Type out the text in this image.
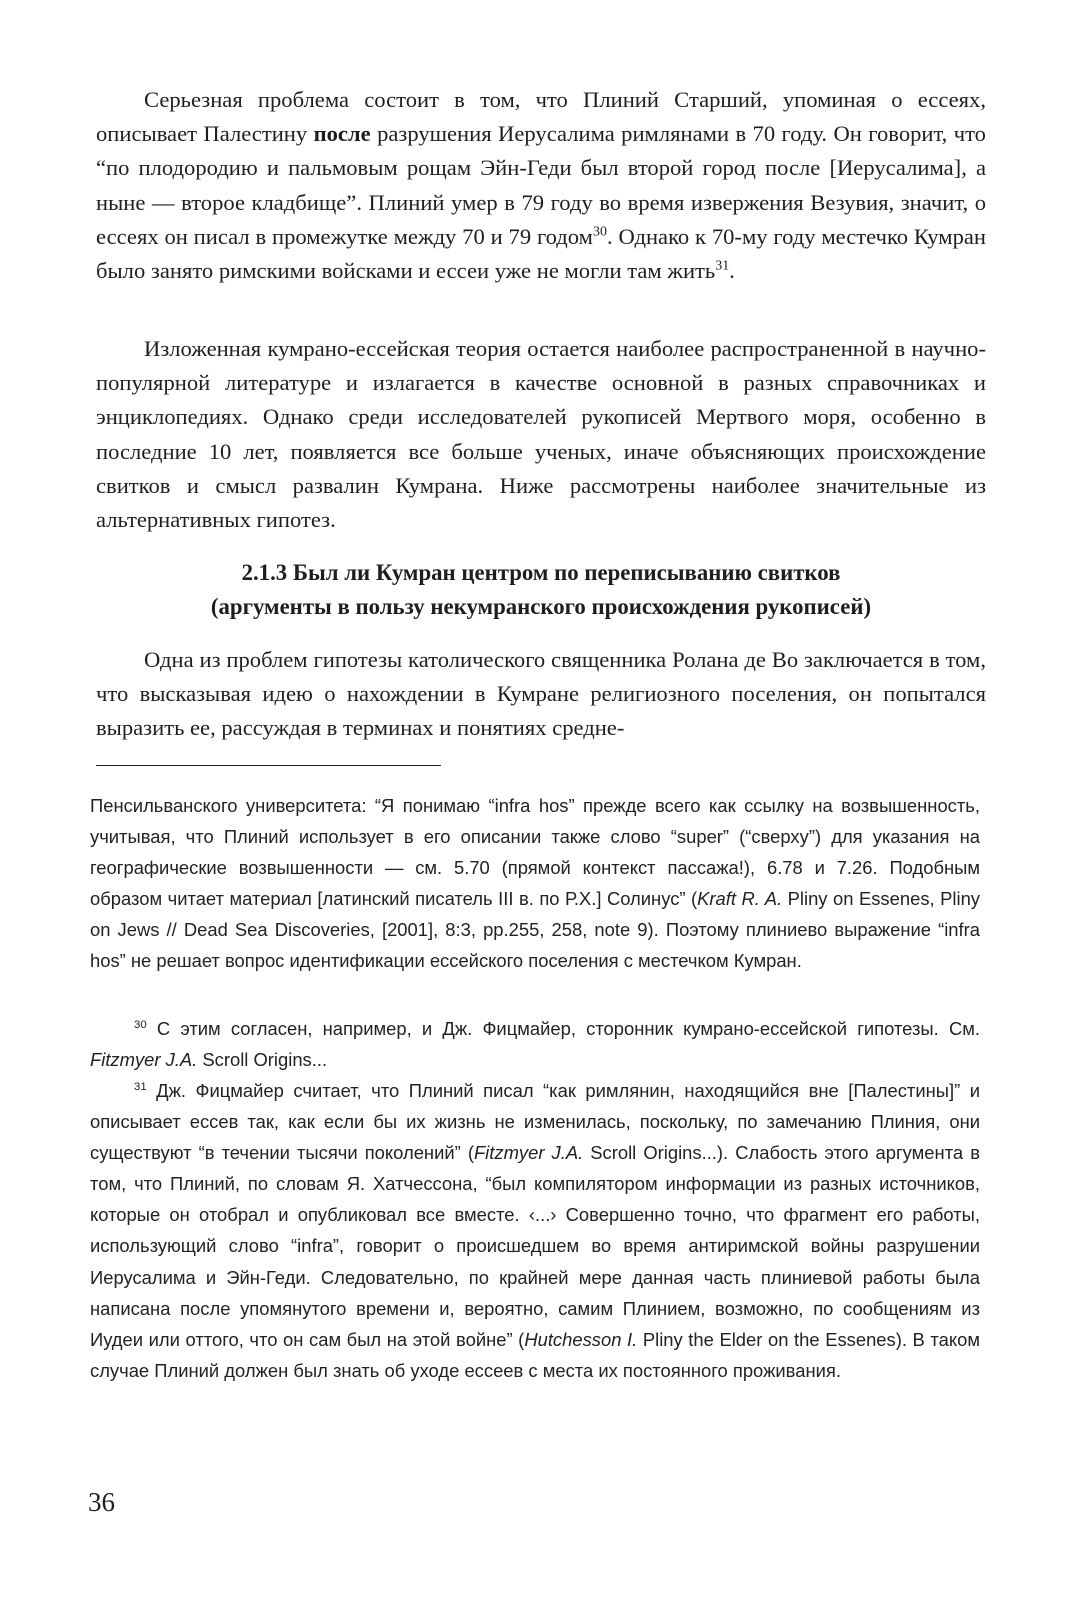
Серьезная проблема состоит в том, что Плиний Старший, упоминая о ессеях, описывает Палестину после разрушения Иерусалима римлянами в 70 году. Он говорит, что “по плодородию и пальмовым рощам Эйн-Геди был второй город после [Иерусалима], а ныне — второе кладбище”. Плиний умер в 79 году во время извержения Везувия, значит, о ессеях он писал в промежутке между 70 и 79 годом$^{30}$. Однако к 70-му году местечко Кумран было занято римскими войсками и ессеи уже не могли там жить$^{31}$.

Изложенная кумрано-ессейская теория остается наиболее распространенной в научно-популярной литературе и излагается в качестве основной в разных справочниках и энциклопедиях. Однако среди исследователей рукописей Мертвого моря, особенно в последние 10 лет, появляется все больше ученых, иначе объясняющих происхождение свитков и смысл развалин Кумрана. Ниже рассмотрены наиболее значительные из альтернативных гипотез.

2.1.3 Был ли Кумран центром по переписыванию свитков
(аргументы в пользу некумранского происхождения рукописей)

Одна из проблем гипотезы католического священника Ролана де Во заключается в том, что высказывая идею о нахождении в Кумране религиозного поселения, он попытался выразить ее, рассуждая в терминах и понятиях средне-

Пенсильванского университета: “Я понимаю “infra hos” прежде всего как ссылку на возвышенность, учитывая, что Плиний использует в его описании также слово “super” (“сверху”) для указания на географические возвышенности — см. 5.70 (прямой контекст пассажа!), 6.78 и 7.26. Подобным образом читает материал [латинский писатель III в. по Р.Х.] Солинус” (Kraft R. A. Pliny on Essenes, Pliny on Jews // Dead Sea Discoveries, [2001], 8:3, pp.255, 258, note 9). Поэтому плиниево выражение “infra hos” не решает вопрос идентификации ессейского поселения с местечком Кумран.

$^{30}$ С этим согласен, например, и Дж. Фицмайер, сторонник кумрано-ессейской гипотезы. См. Fitzmyer J.A. Scroll Origins...

$^{31}$ Дж. Фицмайер считает, что Плиний писал “как римлянин, находящийся вне [Палестины]” и описывает ессев так, как если бы их жизнь не изменилась, поскольку, по замечанию Плиния, они существуют “в течении тысячи поколений” (Fitzmyer J.A. Scroll Origins...). Слабость этого аргумента в том, что Плиний, по словам Я. Хатчессона, “был компилятором информации из разных источников, которые он отобрал и опубликовал все вместе. ‹...› Совершенно точно, что фрагмент его работы, использующий слово “infra”, говорит о происшедшем во время антиримской войны разрушении Иерусалима и Эйн-Геди. Следовательно, по крайней мере данная часть плиниевой работы была написана после упомянутого времени и, вероятно, самим Плинием, возможно, по сообщениям из Иудеи или оттого, что он сам был на этой войне” (Hutchesson I. Pliny the Elder on the Essenes). В таком случае Плиний должен был знать об уходе ессеев с места их постоянного проживания.

36
